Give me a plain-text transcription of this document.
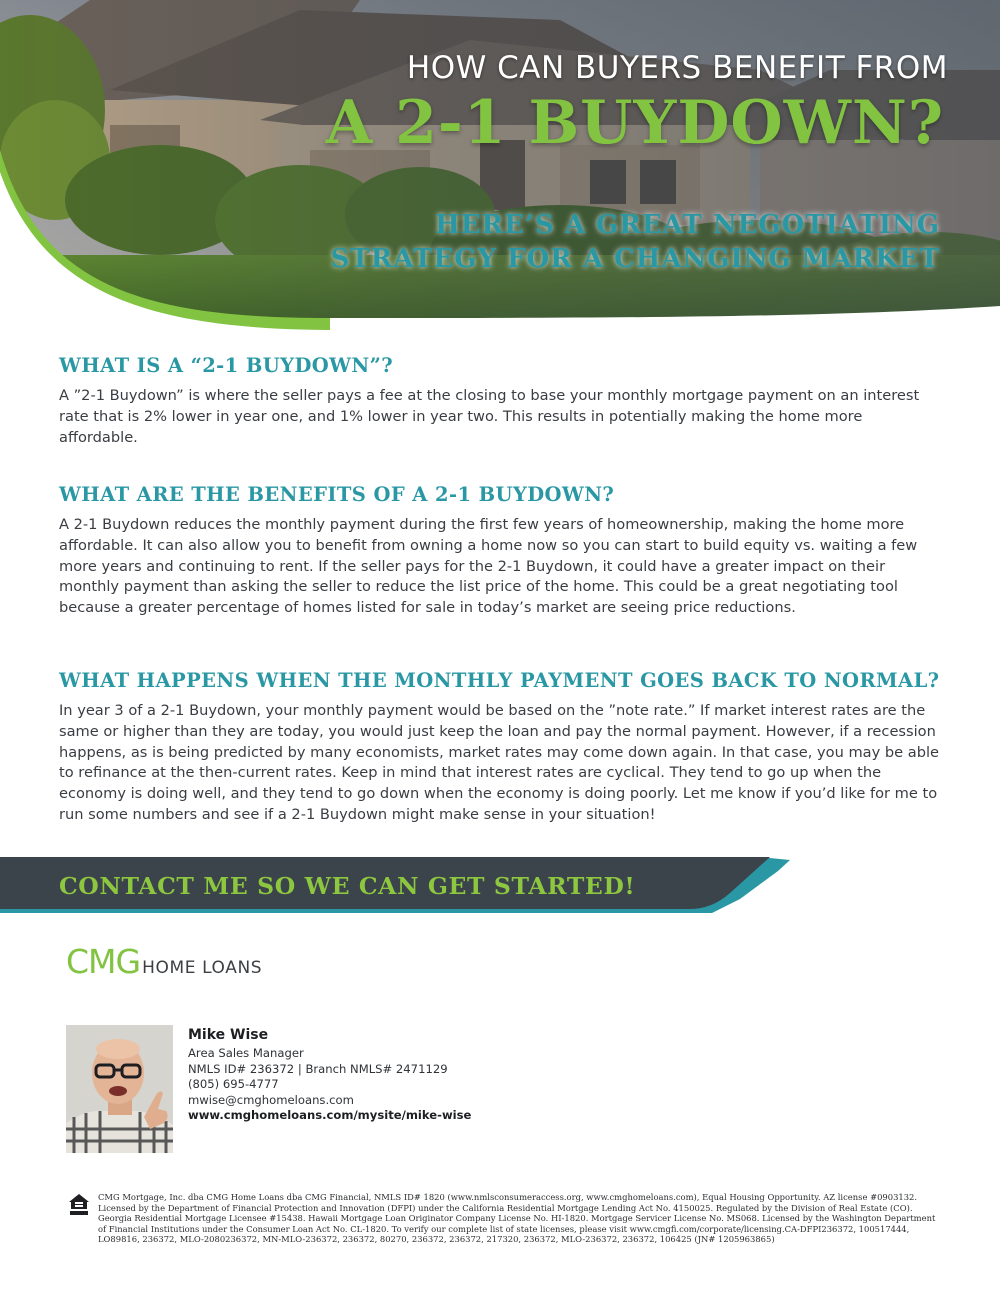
HOW CAN BUYERS BENEFIT FROM
A 2-1 BUYDOWN?
HERE’S A GREAT NEGOTIATING
STRATEGY FOR A CHANGING MARKET
WHAT IS A “2-1 BUYDOWN”?

A ”2-1 Buydown” is where the seller pays a fee at the closing to base your monthly mortgage payment on an interest rate that is 2% lower in year one, and 1% lower in year two. This results in potentially making the home more affordable.

WHAT ARE THE BENEFITS OF A 2-1 BUYDOWN?

A 2-1 Buydown reduces the monthly payment during the first few years of homeownership, making the home more affordable. It can also allow you to benefit from owning a home now so you can start to build equity vs. waiting a few more years and continuing to rent. If the seller pays for the 2-1 Buydown, it could have a greater impact on their monthly payment than asking the seller to reduce the list price of the home. This could be a great negotiating tool because a greater percentage of homes listed for sale in today’s market are seeing price reductions.

WHAT HAPPENS WHEN THE MONTHLY PAYMENT GOES BACK TO NORMAL?

In year 3 of a 2-1 Buydown, your monthly payment would be based on the ”note rate.” If market interest rates are the same or higher than they are today, you would just keep the loan and pay the normal payment. However, if a recession happens, as is being predicted by many economists, market rates may come down again. In that case, you may be able to refinance at the then-current rates. Keep in mind that interest rates are cyclical. They tend to go up when the economy is doing well, and they tend to go down when the economy is doing poorly. Let me know if you’d like for me to run some numbers and see if a 2-1 Buydown might make sense in your situation!

CONTACT ME SO WE CAN GET STARTED!
CMG HOME LOANS
Mike Wise
Area Sales Manager
NMLS ID# 236372 | Branch NMLS# 2471129
(805) 695-4777
mwise@cmghomeloans.com
www.cmghomeloans.com/mysite/mike-wise

CMG Mortgage, Inc. dba CMG Home Loans dba CMG Financial, NMLS ID# 1820 (www.nmlsconsumeraccess.org, www.cmghomeloans.com), Equal Housing Opportunity. AZ license #0903132. Licensed by the Department of Financial Protection and Innovation (DFPI) under the California Residential Mortgage Lending Act No. 4150025. Regulated by the Division of Real Estate (CO). Georgia Residential Mortgage Licensee #15438. Hawaii Mortgage Loan Originator Company License No. HI-1820. Mortgage Servicer License No. MS068. Licensed by the Washington Department of Financial Institutions under the Consumer Loan Act No. CL-1820. To verify our complete list of state licenses, please visit www.cmgfi.com/corporate/licensing.CA-DFPI236372, 100517444, LO89816, 236372, MLO-2080236372, MN-MLO-236372, 236372, 80270, 236372, 236372, 217320, 236372, MLO-236372, 236372, 106425 (JN# 1205963865)
